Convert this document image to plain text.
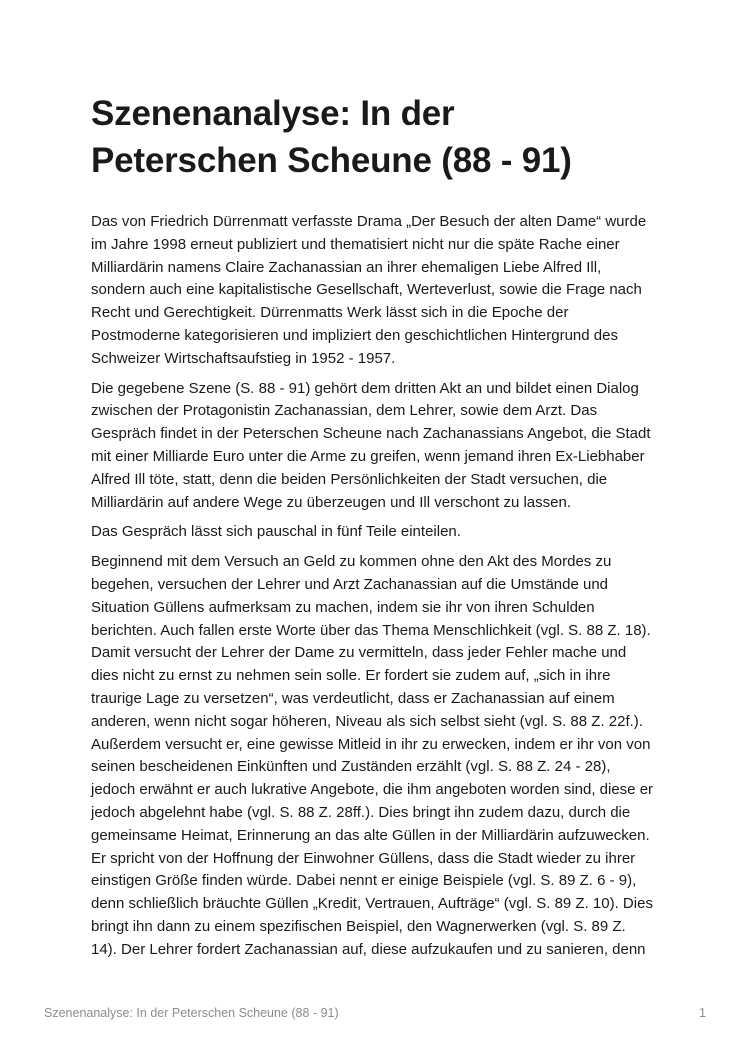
Szenenanalyse: In der
Peterschen Scheune (88 - 91)

Das von Friedrich Dürrenmatt verfasste Drama „Der Besuch der alten Dame“ wurde
im Jahre 1998 erneut publiziert und thematisiert nicht nur die späte Rache einer
Milliardärin namens Claire Zachanassian an ihrer ehemaligen Liebe Alfred Ill,
sondern auch eine kapitalistische Gesellschaft, Werteverlust, sowie die Frage nach
Recht und Gerechtigkeit. Dürrenmatts Werk lässt sich in die Epoche der
Postmoderne kategorisieren und impliziert den geschichtlichen Hintergrund des
Schweizer Wirtschaftsaufstieg in 1952 - 1957.

Die gegebene Szene (S. 88 - 91) gehört dem dritten Akt an und bildet einen Dialog
zwischen der Protagonistin Zachanassian, dem Lehrer, sowie dem Arzt. Das
Gespräch findet in der Peterschen Scheune nach Zachanassians Angebot, die Stadt
mit einer Milliarde Euro unter die Arme zu greifen, wenn jemand ihren Ex-Liebhaber
Alfred Ill töte, statt, denn die beiden Persönlichkeiten der Stadt versuchen, die
Milliardärin auf andere Wege zu überzeugen und Ill verschont zu lassen.

Das Gespräch lässt sich pauschal in fünf Teile einteilen.

Beginnend mit dem Versuch an Geld zu kommen ohne den Akt des Mordes zu
begehen, versuchen der Lehrer und Arzt Zachanassian auf die Umstände und
Situation Güllens aufmerksam zu machen, indem sie ihr von ihren Schulden
berichten. Auch fallen erste Worte über das Thema Menschlichkeit (vgl. S. 88 Z. 18).
Damit versucht der Lehrer der Dame zu vermitteln, dass jeder Fehler mache und
dies nicht zu ernst zu nehmen sein solle. Er fordert sie zudem auf, „sich in ihre
traurige Lage zu versetzen“, was verdeutlicht, dass er Zachanassian auf einem
anderen, wenn nicht sogar höheren, Niveau als sich selbst sieht (vgl. S. 88 Z. 22f.).
Außerdem versucht er, eine gewisse Mitleid in ihr zu erwecken, indem er ihr von von
seinen bescheidenen Einkünften und Zuständen erzählt (vgl. S. 88 Z. 24 - 28),
jedoch erwähnt er auch lukrative Angebote, die ihm angeboten worden sind, diese er
jedoch abgelehnt habe (vgl. S. 88 Z. 28ff.). Dies bringt ihn zudem dazu, durch die
gemeinsame Heimat, Erinnerung an das alte Güllen in der Milliardärin aufzuwecken.
Er spricht von der Hoffnung der Einwohner Güllens, dass die Stadt wieder zu ihrer
einstigen Größe finden würde. Dabei nennt er einige Beispiele (vgl. S. 89 Z. 6 - 9),
denn schließlich bräuchte Güllen „Kredit, Vertrauen, Aufträge“ (vgl. S. 89 Z. 10). Dies
bringt ihn dann zu einem spezifischen Beispiel, den Wagnerwerken (vgl. S. 89 Z.
14). Der Lehrer fordert Zachanassian auf, diese aufzukaufen und zu sanieren, denn

Szenenanalyse: In der Peterschen Scheune (88 - 91)	1
